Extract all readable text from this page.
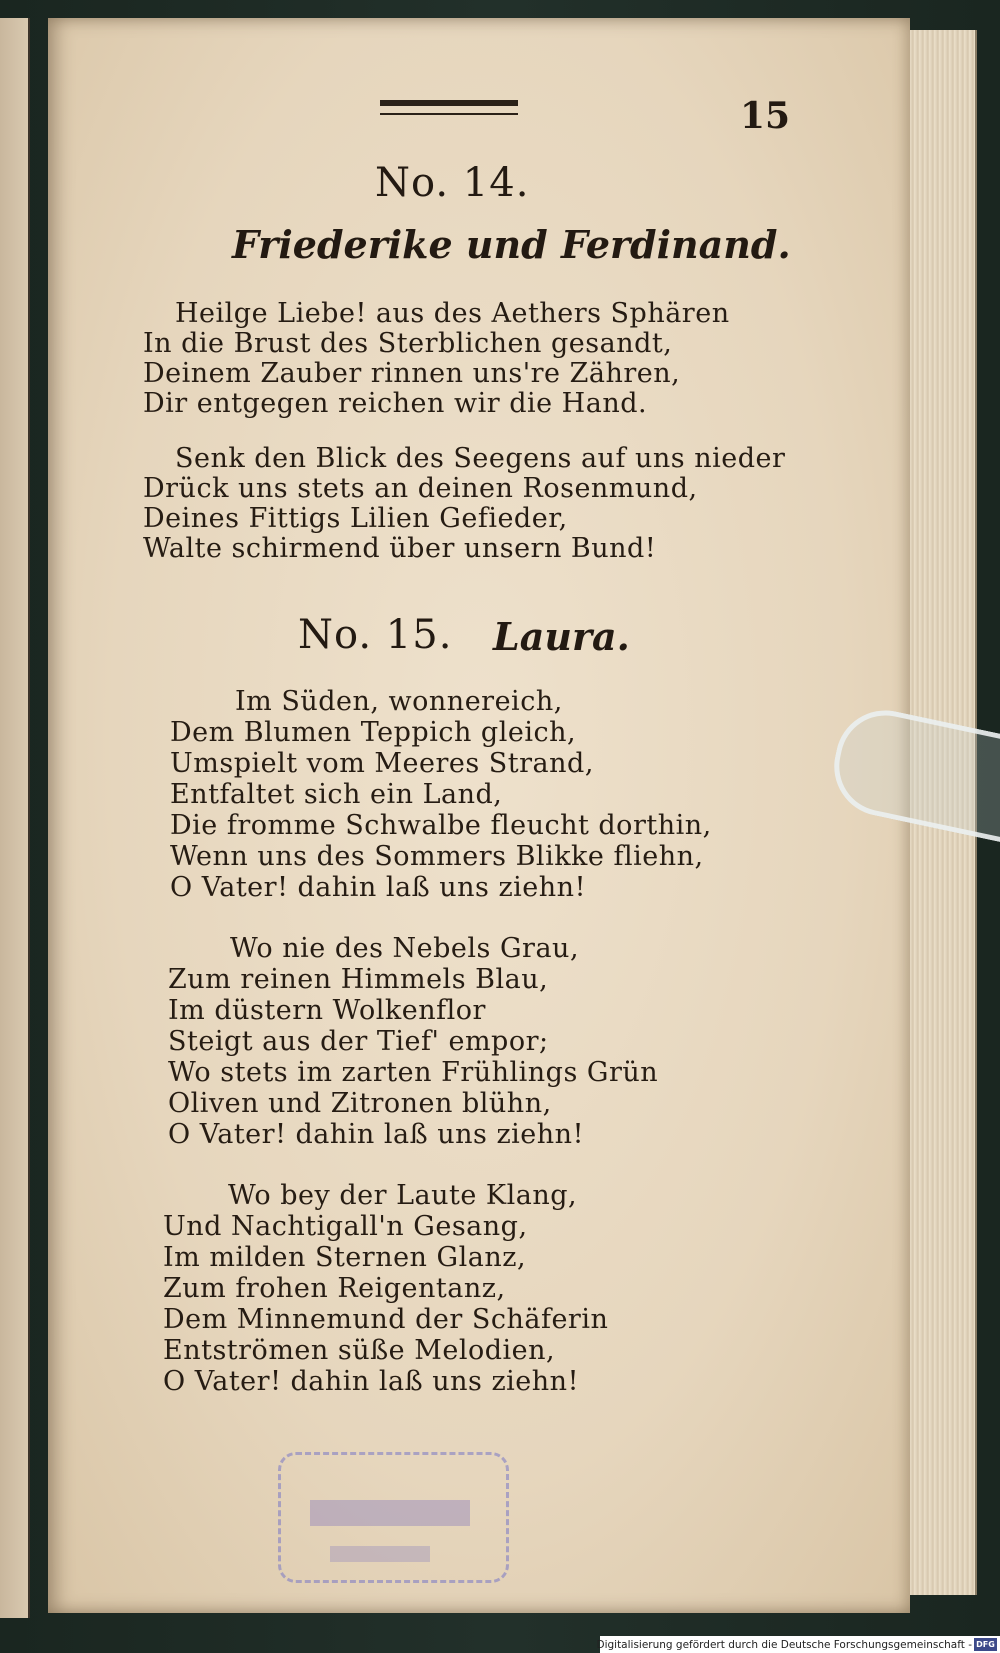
15
No. 14.
Friederike und Ferdinand.
Heilge Liebe! aus des Aethers Sphären
In die Brust des Sterblichen gesandt,
Deinem Zauber rinnen uns're Zähren,
Dir entgegen reichen wir die Hand.
Senk den Blick des Seegens auf uns nieder
Drück uns stets an deinen Rosenmund,
Deines Fittigs Lilien Gefieder,
Walte schirmend über unsern Bund!
No. 15. Laura.
Im Süden, wonnereich,
Dem Blumen Teppich gleich,
Umspielt vom Meeres Strand,
Entfaltet sich ein Land,
Die fromme Schwalbe fleucht dorthin,
Wenn uns des Sommers Blikke fliehn,
O Vater! dahin laß uns ziehn!
Wo nie des Nebels Grau,
Zum reinen Himmels Blau,
Im düstern Wolkenflor
Steigt aus der Tief' empor;
Wo stets im zarten Frühlings Grün
Oliven und Zitronen blühn,
O Vater! dahin laß uns ziehn!
Wo bey der Laute Klang,
Und Nachtigall'n Gesang,
Im milden Sternen Glanz,
Zum frohen Reigentanz,
Dem Minnemund der Schäferin
Entströmen süße Melodien,
O Vater! dahin laß uns ziehn!
Digitalisierung gefördert durch die Deutsche Forschungsgemeinschaft - DFG
